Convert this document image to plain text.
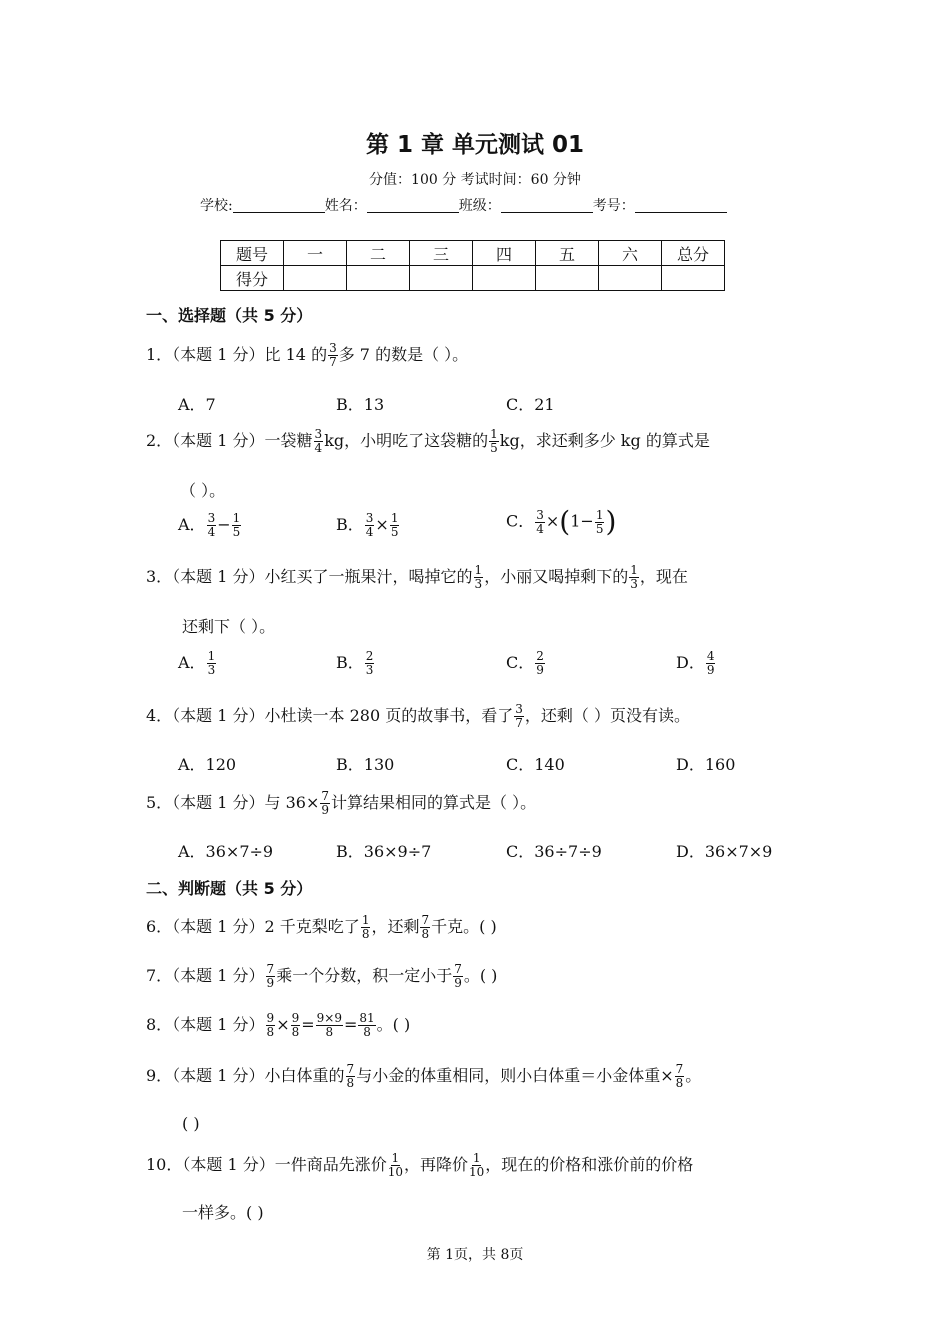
第 1 章 单元测试 01
分值：100 分 考试时间：60 分钟
学校:	姓名：	班级：	考号：
题号	一	二	三	四	五	六	总分
得分							
一、选择题（共 5 分）
1．（本题 1 分）比 14 的 $\frac{3}{7}$ 多 7 的数是（ ）。
A．7	B．13	C．21
2．（本题 1 分）一袋糖 $\frac{3}{4}$ kg，小明吃了这袋糖的 $\frac{1}{5}$ kg，求还剩多少 kg 的算式是
（ ）。
A． $\frac{3}{4} - \frac{1}{5}$	B． $\frac{3}{4} \times \frac{1}{5}$	C． $\frac{3}{4} \times(1- \frac{1}{5}$ )
3．（本题 1 分）小红买了一瓶果汁，喝掉它的 $\frac{1}{3}$ ，小丽又喝掉剩下的 $\frac{1}{3}$ ，现在
还剩下（ ）。
A． $\frac{1}{3}$	B． $\frac{2}{3}$	C． $\frac{2}{9}$	D． $\frac{4}{9}$
4．（本题 1 分）小杜读一本 280 页的故事书，看了 $\frac{3}{7}$ ，还剩（ ）页没有读。
A．120	B．130	C．140	D．160
5．（本题 1 分）与 $36\times \frac{7}{9}$ 计算结果相同的算式是（ ）。
A．36×7÷9	B．36×9÷7	C．36÷7÷9	D．36×7×9
二、判断题（共 5 分）
6．（本题 1 分）2 千克梨吃了 $\frac{1}{8}$ ，还剩 $\frac{7}{8}$ 千克。( )
7．（本题 1 分） $\frac{7}{9}$ 乘一个分数，积一定小于 $\frac{7}{9}$ 。( )
8．（本题 1 分） $\frac{9}{8} \times \frac{9}{8} = \frac{9\times 9}{8} = \frac{81}{8}$ 。( )
9．（本题 1 分）小白体重的 $\frac{7}{8}$ 与小金的体重相同，则小白体重＝小金体重× $\frac{7}{8}$ 。
( )
10．（本题 1 分）一件商品先涨价 $\frac{1}{10}$ ，再降价 $\frac{1}{10}$ ，现在的价格和涨价前的价格
一样多。( )
第 1页，共 8页
